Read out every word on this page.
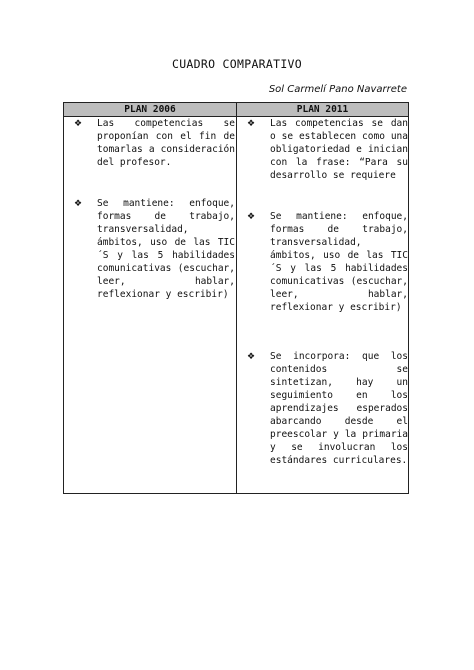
CUADRO COMPARATIVO
Sol Carmelí Pano Navarrete
PLAN 2006	PLAN 2011
❖ Las competencias se proponían con el fin de tomarlas a consideración del profesor.
❖ Se mantiene: enfoque, formas de trabajo, transversalidad, ámbitos, uso de las TIC ´S y las 5 habilidades comunicativas (escuchar, leer, hablar, reflexionar y escribir)
❖ Las competencias se dan o se establecen como una obligatoriedad e inician con la frase: “Para su desarrollo se requiere
❖ Se mantiene: enfoque, formas de trabajo, transversalidad, ámbitos, uso de las TIC ´S y las 5 habilidades comunicativas (escuchar, leer, hablar, reflexionar y escribir)
❖ Se incorpora: que los contenidos se sintetizan, hay un seguimiento en los aprendizajes esperados abarcando desde el preescolar y la primaria y se involucran los estándares curriculares.
